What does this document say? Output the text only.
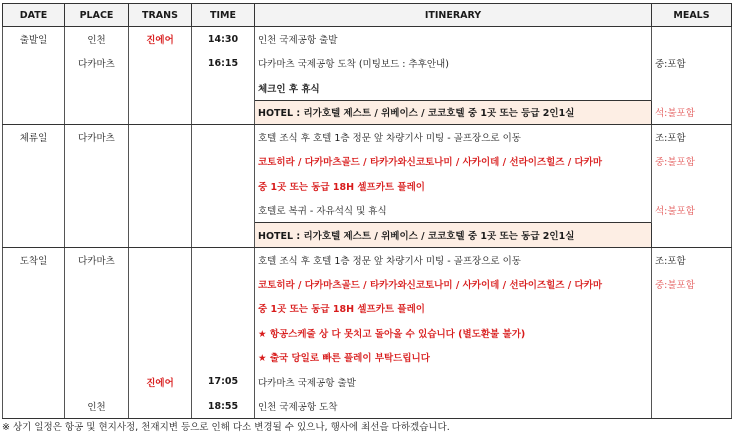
DATE	PLACE	TRANS	TIME	ITINERARY	MEALS
출발일	인천	진에어	14:30	인천 국제공항 출발	
	다카마츠		16:15	다카마츠 국제공항 도착 (미팅보드 : 추후안내)	중:포함
				체크인 후 휴식	
				HOTEL : 리가호텔 제스트 / 위베이스 / 코코호텔 중 1곳 또는 등급 2인1실	석:불포함
체류일	다카마츠			호텔 조식 후 호텔 1층 정문 앞 차량기사 미팅 - 골프장으로 이동	조:포함
				코토히라 / 다카마츠골드 / 타카가와신코토나미 / 사카이데 / 선라이즈힐즈 / 다카마	중:불포함
				중 1곳 또는 동급 18H 셀프카트 플레이	
				호텔로 복귀 - 자유석식 및 휴식	석:불포함
				HOTEL : 리가호텔 제스트 / 위베이스 / 코코호텔 중 1곳 또는 동급 2인1실	
도착일	다카마츠			호텔 조식 후 호텔 1층 정문 앞 차량기사 미팅 - 골프장으로 이동	조:포함
				코토히라 / 다카마츠골드 / 타카가와신코토나미 / 사카이데 / 선라이즈힐즈 / 다카마	중:불포함
				중 1곳 또는 동급 18H 셀프카트 플레이	
				★ 항공스케줄 상 다 못치고 돌아올 수 있습니다 (별도환불 불가)	
				★ 출국 당일로 빠른 플레이 부탁드립니다	
		진에어	17:05	다카마츠 국제공항 출발	
	인천		18:55	인천 국제공항 도착	
※ 상기 일정은 항공 및 현지사정, 천재지변 등으로 인해 다소 변경될 수 있으나, 행사에 최선을 다하겠습니다.
